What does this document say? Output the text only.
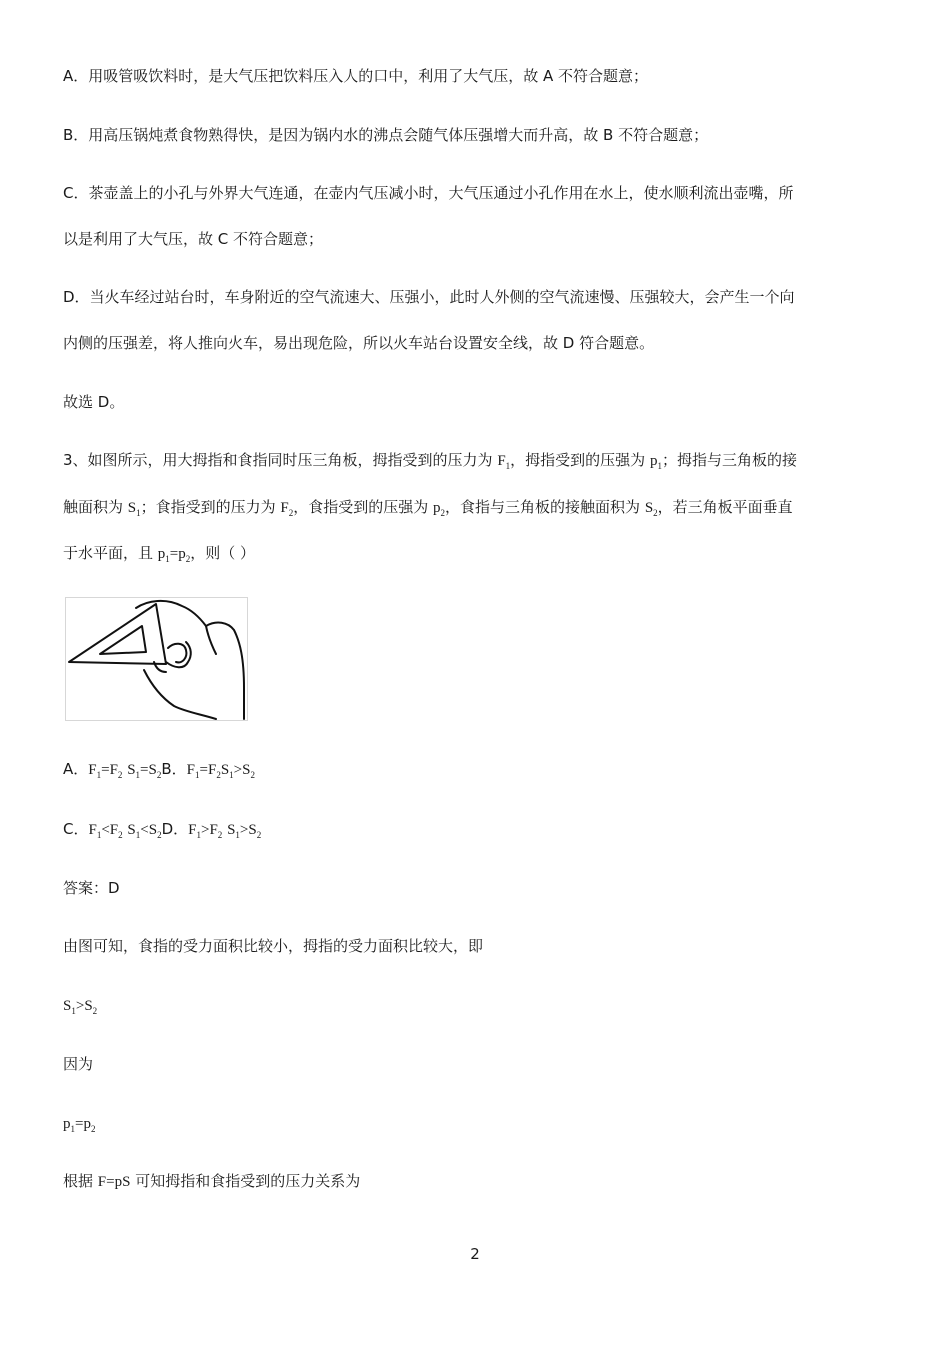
A．用吸管吸饮料时，是大气压把饮料压入人的口中，利用了大气压，故 A 不符合题意；

B．用高压锅炖煮食物熟得快，是因为锅内水的沸点会随气体压强增大而升高，故 B 不符合题意；

C．茶壶盖上的小孔与外界大气连通，在壶内气压减小时，大气压通过小孔作用在水上，使水顺利流出壶嘴，所

以是利用了大气压，故 C 不符合题意；

D．当火车经过站台时，车身附近的空气流速大、压强小，此时人外侧的空气流速慢、压强较大，会产生一个向

内侧的压强差，将人推向火车，易出现危险，所以火车站台设置安全线，故 D 符合题意。

故选 D。

3、如图所示，用大拇指和食指同时压三角板，拇指受到的压力为 $F_1$，拇指受到的压强为 $p_1$；拇指与三角板的接

触面积为 $S_1$；食指受到的压力为 $F_2$，食指受到的压强为 $p_2$，食指与三角板的接触面积为 $S_2$，若三角板平面垂直

于水平面，且 $p_1=p_2$，则（ ）

A．$F_1=F_2$ $S_1=S_2B$．$F_1=F_2S_1>S_2$

C．$F_1<F_2$ $S_1<S_2D$．$F_1>F_2$ $S_1>S_2$

答案：D

由图可知，食指的受力面积比较小，拇指的受力面积比较大，即

$S_1>S_2$

因为

$p_1=p_2$

根据 F=pS 可知拇指和食指受到的压力关系为

2
